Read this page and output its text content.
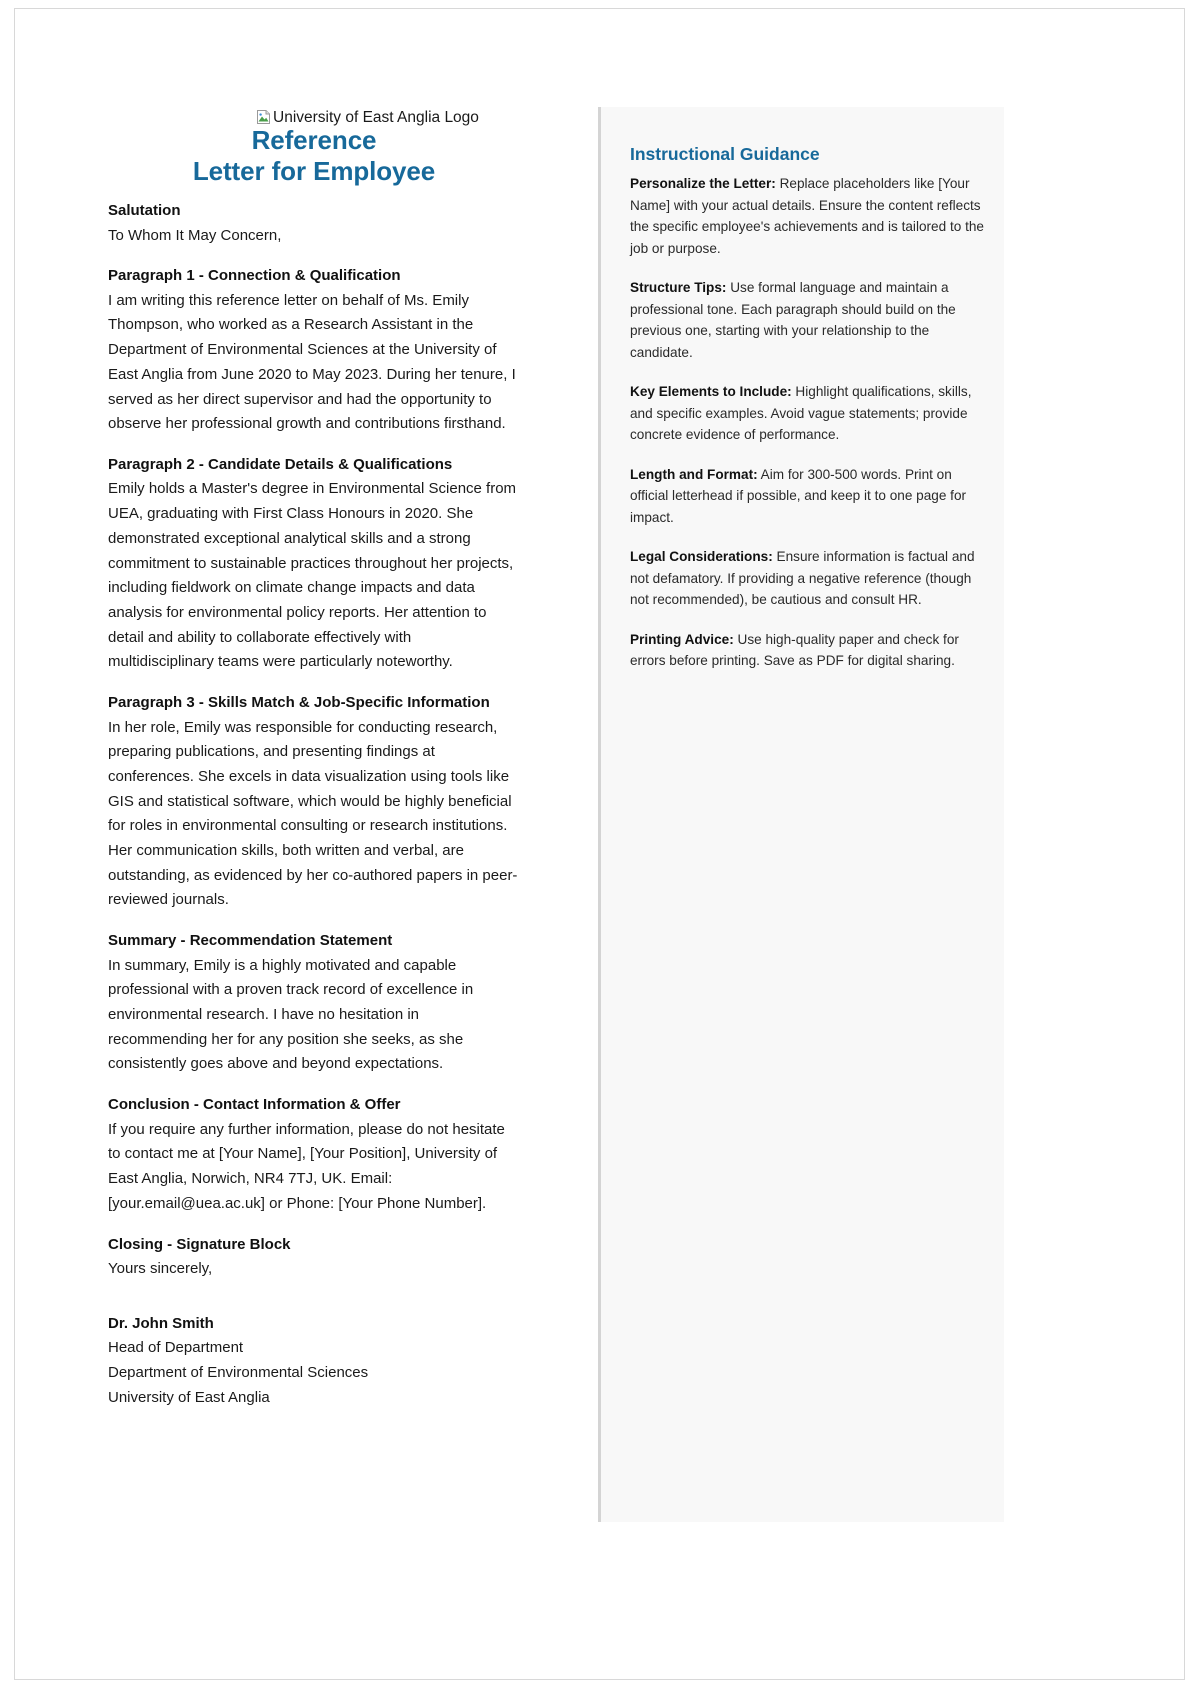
University of East Anglia Logo
Reference
Letter for Employee

Salutation

To Whom It May Concern,

Paragraph 1 - Connection & Qualification

I am writing this reference letter on behalf of Ms. Emily Thompson, who worked as a Research Assistant in the Department of Environmental Sciences at the University of East Anglia from June 2020 to May 2023. During her tenure, I served as her direct supervisor and had the opportunity to observe her professional growth and contributions firsthand.

Paragraph 2 - Candidate Details & Qualifications

Emily holds a Master's degree in Environmental Science from UEA, graduating with First Class Honours in 2020. She demonstrated exceptional analytical skills and a strong commitment to sustainable practices throughout her projects, including fieldwork on climate change impacts and data analysis for environmental policy reports. Her attention to detail and ability to collaborate effectively with multidisciplinary teams were particularly noteworthy.

Paragraph 3 - Skills Match & Job-Specific Information

In her role, Emily was responsible for conducting research, preparing publications, and presenting findings at conferences. She excels in data visualization using tools like GIS and statistical software, which would be highly beneficial for roles in environmental consulting or research institutions. Her communication skills, both written and verbal, are outstanding, as evidenced by her co-authored papers in peer-reviewed journals.

Summary - Recommendation Statement

In summary, Emily is a highly motivated and capable professional with a proven track record of excellence in environmental research. I have no hesitation in recommending her for any position she seeks, as she consistently goes above and beyond expectations.

Conclusion - Contact Information & Offer

If you require any further information, please do not hesitate to contact me at [Your Name], [Your Position], University of East Anglia, Norwich, NR4 7TJ, UK. Email: [your.email@uea.ac.uk] or Phone: [Your Phone Number].

Closing - Signature Block

Yours sincerely,

Dr. John Smith

Head of Department

Department of Environmental Sciences

University of East Anglia

Instructional Guidance

Personalize the Letter: Replace placeholders like [Your Name] with your actual details. Ensure the content reflects the specific employee's achievements and is tailored to the job or purpose.

Structure Tips: Use formal language and maintain a professional tone. Each paragraph should build on the previous one, starting with your relationship to the candidate.

Key Elements to Include: Highlight qualifications, skills, and specific examples. Avoid vague statements; provide concrete evidence of performance.

Length and Format: Aim for 300-500 words. Print on official letterhead if possible, and keep it to one page for impact.

Legal Considerations: Ensure information is factual and not defamatory. If providing a negative reference (though not recommended), be cautious and consult HR.

Printing Advice: Use high-quality paper and check for errors before printing. Save as PDF for digital sharing.
